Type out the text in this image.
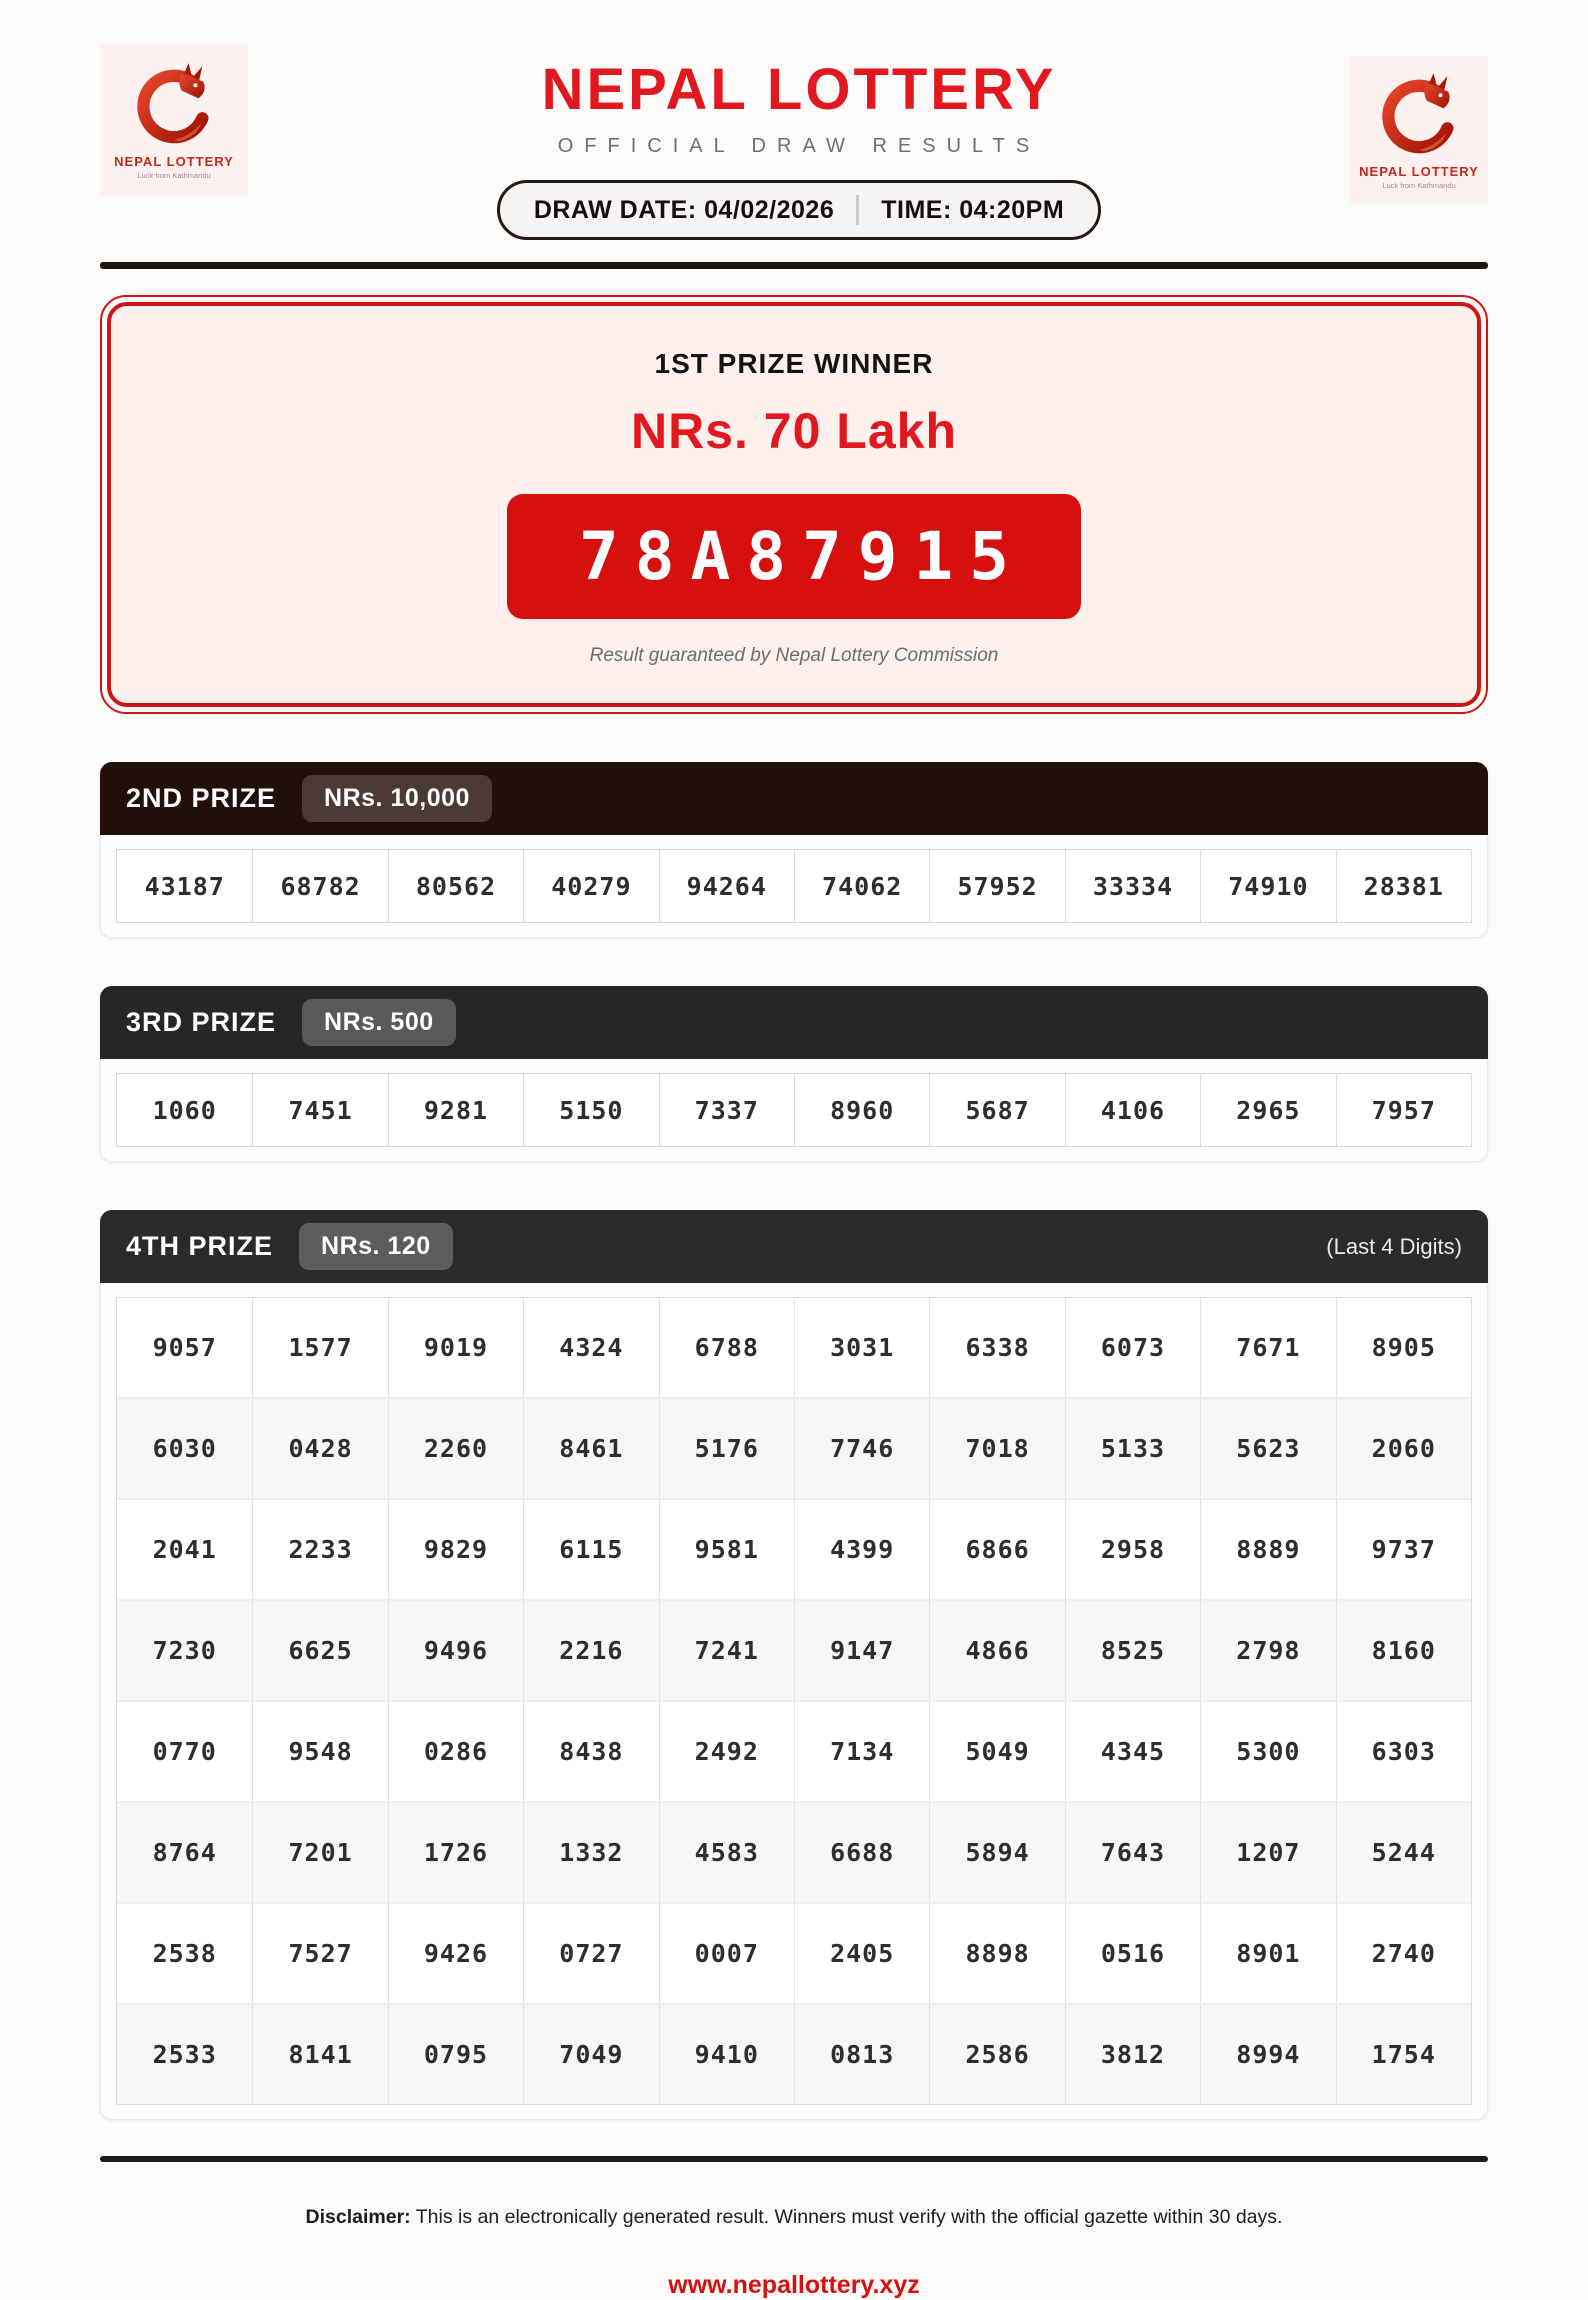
NEPAL LOTTERY
Luck from Kathmandu
NEPAL LOTTERY
OFFICIAL DRAW RESULTS
DRAW DATE: 04/02/2026 TIME: 04:20PM
NEPAL LOTTERY
Luck from Kathmandu
1ST PRIZE WINNER
NRs. 70 Lakh
78A87915
Result guaranteed by Nepal Lottery Commission
2ND PRIZE	NRs. 10,000
43187	68782	80562	40279	94264	74062	57952	33334	74910	28381
3RD PRIZE	NRs. 500
1060	7451	9281	5150	7337	8960	5687	4106	2965	7957
4TH PRIZE	NRs. 120	(Last 4 Digits)
9057	1577	9019	4324	6788	3031	6338	6073	7671	8905
6030	0428	2260	8461	5176	7746	7018	5133	5623	2060
2041	2233	9829	6115	9581	4399	6866	2958	8889	9737
7230	6625	9496	2216	7241	9147	4866	8525	2798	8160
0770	9548	0286	8438	2492	7134	5049	4345	5300	6303
8764	7201	1726	1332	4583	6688	5894	7643	1207	5244
2538	7527	9426	0727	0007	2405	8898	0516	8901	2740
2533	8141	0795	7049	9410	0813	2586	3812	8994	1754

Disclaimer: This is an electronically generated result. Winners must verify with the official gazette within 30 days.

www.nepallottery.xyz
